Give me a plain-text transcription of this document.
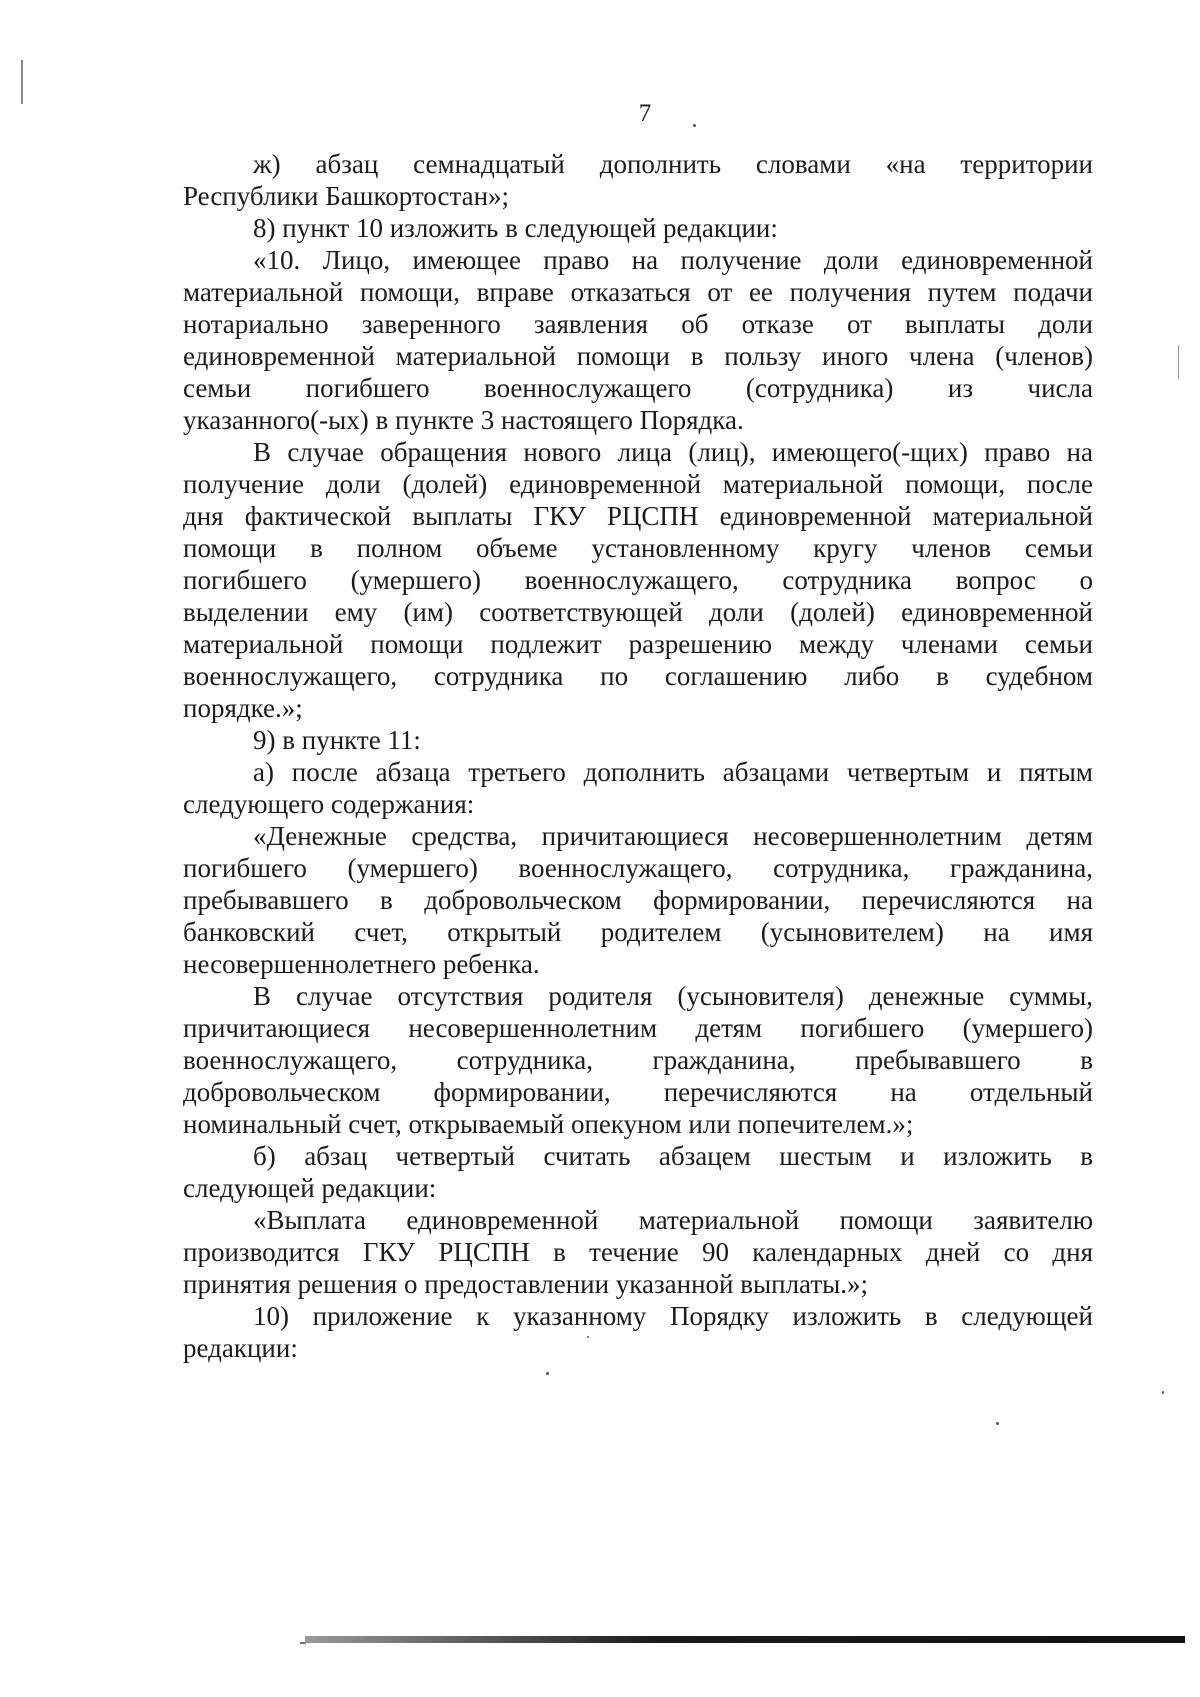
7
ж) абзац семнадцатый дополнить словами «на территории
Республики Башкортостан»;
8) пункт 10 изложить в следующей редакции:
«10. Лицо, имеющее право на получение доли единовременной
материальной помощи, вправе отказаться от ее получения путем подачи
нотариально заверенного заявления об отказе от выплаты доли
единовременной материальной помощи в пользу иного члена (членов)
семьи погибшего военнослужащего (сотрудника) из числа
указанного(-ых) в пункте 3 настоящего Порядка.
В случае обращения нового лица (лиц), имеющего(-щих) право на
получение доли (долей) единовременной материальной помощи, после
дня фактической выплаты ГКУ РЦСПН единовременной материальной
помощи в полном объеме установленному кругу членов семьи
погибшего (умершего) военнослужащего, сотрудника вопрос о
выделении ему (им) соответствующей доли (долей) единовременной
материальной помощи подлежит разрешению между членами семьи
военнослужащего, сотрудника по соглашению либо в судебном
порядке.»;
9) в пункте 11:
а) после абзаца третьего дополнить абзацами четвертым и пятым
следующего содержания:
«Денежные средства, причитающиеся несовершеннолетним детям
погибшего (умершего) военнослужащего, сотрудника, гражданина,
пребывавшего в добровольческом формировании, перечисляются на
банковский счет, открытый родителем (усыновителем) на имя
несовершеннолетнего ребенка.
В случае отсутствия родителя (усыновителя) денежные суммы,
причитающиеся несовершеннолетним детям погибшего (умершего)
военнослужащего, сотрудника, гражданина, пребывавшего в
добровольческом формировании, перечисляются на отдельный
номинальный счет, открываемый опекуном или попечителем.»;
б) абзац четвертый считать абзацем шестым и изложить в
следующей редакции:
«Выплата единовременной материальной помощи заявителю
производится ГКУ РЦСПН в течение 90 календарных дней со дня
принятия решения о предоставлении указанной выплаты.»;
10) приложение к указанному Порядку изложить в следующей
редакции:
